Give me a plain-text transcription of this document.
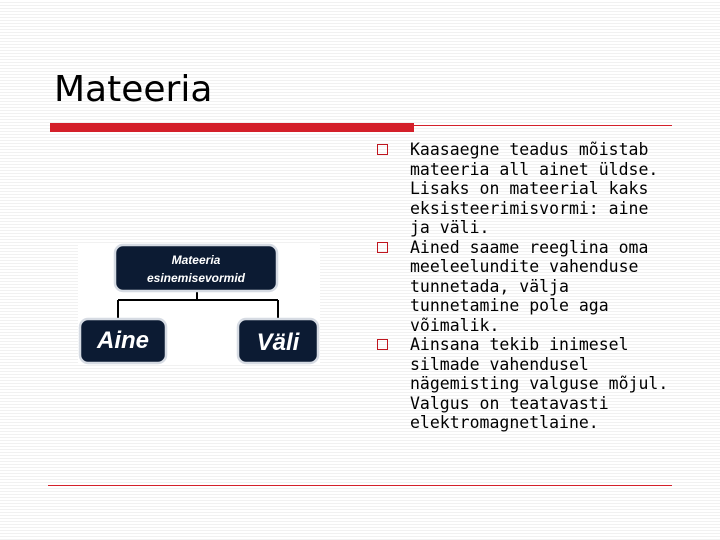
Mateeria
Mateeria
esinemisevormid
Aine	Väli
Kaasaegne teadus mõistab mateeria all ainet üldse. Lisaks on mateerial kaks eksisteerimisvormi: aine ja väli.
Ained saame reeglina oma meeleelundite vahenduse tunnetada, välja tunnetamine pole aga võimalik.
Ainsana tekib inimesel silmade vahendusel nägemisting valguse mõjul. Valgus on teatavasti elektromagnetlaine.
